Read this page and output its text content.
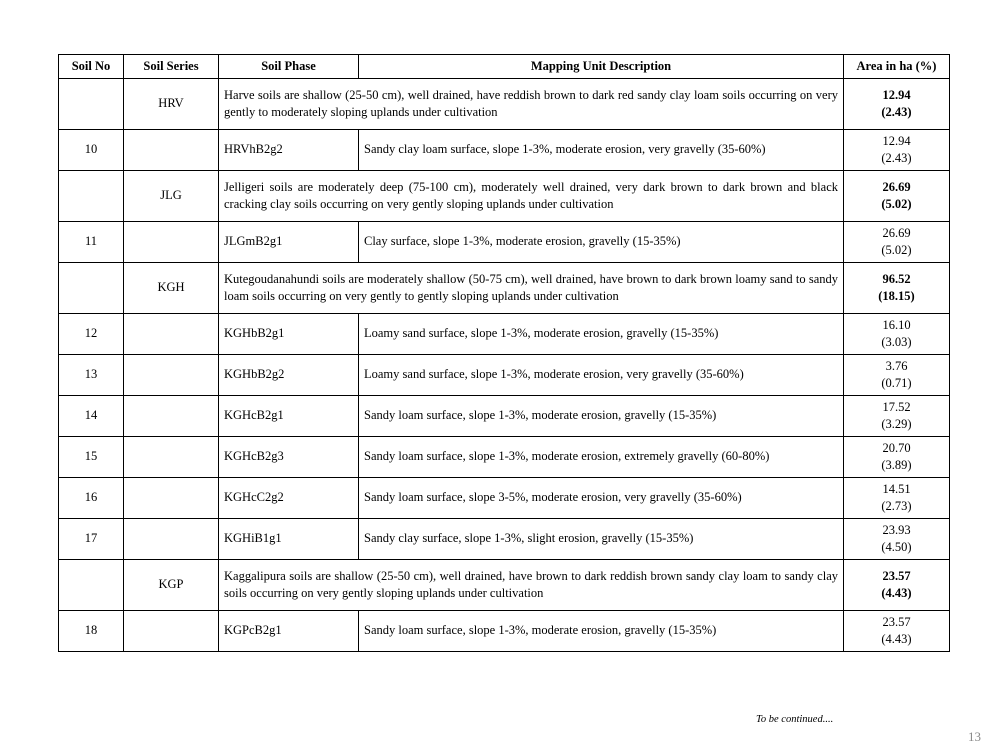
Soil No	Soil Series	Soil Phase	Mapping Unit Description	Area in ha (%)
	HRV	Harve soils are shallow (25-50 cm), well drained, have reddish brown to dark red sandy clay loam soils occurring on very gently to moderately sloping uplands under cultivation		12.94
(2.43)

10		HRVhB2g2	Sandy clay loam surface, slope 1-3%, moderate erosion, very gravelly (35-60%)	12.94
(2.43)

	JLG	Jelligeri soils are moderately deep (75-100 cm), moderately well drained, very dark brown to dark brown and black cracking clay soils occurring on very gently sloping uplands under cultivation		26.69
(5.02)

11		JLGmB2g1	Clay surface, slope 1-3%, moderate erosion, gravelly (15-35%)	26.69
(5.02)

	KGH	Kutegoudanahundi soils are moderately shallow (50-75 cm), well drained, have brown to dark brown loamy sand to sandy loam soils occurring on very gently to gently sloping uplands under cultivation		96.52
(18.15)

12		KGHbB2g1	Loamy sand surface, slope 1-3%, moderate erosion, gravelly (15-35%)	16.10
(3.03)

13		KGHbB2g2	Loamy sand surface, slope 1-3%, moderate erosion, very gravelly (35-60%)	3.76
(0.71)

14		KGHcB2g1	Sandy loam surface, slope 1-3%, moderate erosion, gravelly (15-35%)	17.52
(3.29)

15		KGHcB2g3	Sandy loam surface, slope 1-3%, moderate erosion, extremely gravelly (60-80%)	20.70
(3.89)

16		KGHcC2g2	Sandy loam surface, slope 3-5%, moderate erosion, very gravelly (35-60%)	14.51
(2.73)

17		KGHiB1g1	Sandy clay surface, slope 1-3%, slight erosion, gravelly (15-35%)	23.93
(4.50)

	KGP	Kaggalipura soils are shallow (25-50 cm), well drained, have brown to dark reddish brown sandy clay loam to sandy clay soils occurring on very gently sloping uplands under cultivation		23.57
(4.43)

18		KGPcB2g1	Sandy loam surface, slope 1-3%, moderate erosion, gravelly (15-35%)	23.57
(4.43)
To be continued....
13
